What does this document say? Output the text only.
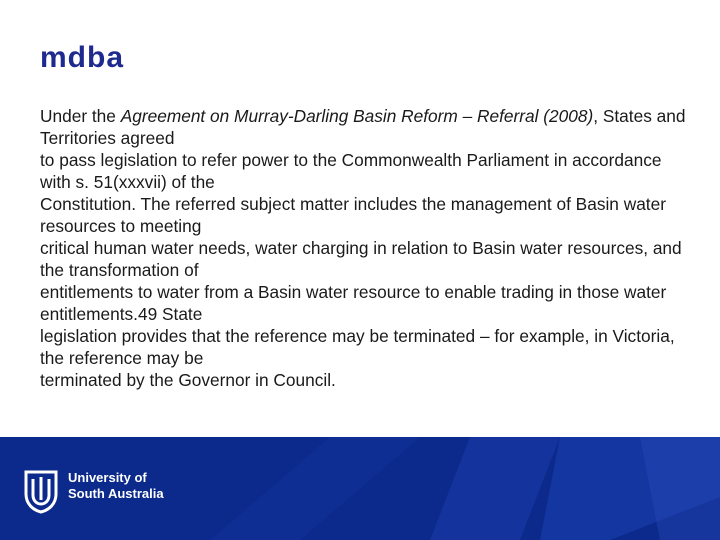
mdba

Under the Agreement on Murray-Darling Basin Reform – Referral (2008), States and Territories agreed

to pass legislation to refer power to the Commonwealth Parliament in accordance with s. 51(xxxvii) of the

Constitution. The referred subject matter includes the management of Basin water resources to meeting

critical human water needs, water charging in relation to Basin water resources, and the transformation of

entitlements to water from a Basin water resource to enable trading in those water entitlements.49 State

legislation provides that the reference may be terminated – for example, in Victoria, the reference may be

terminated by the Governor in Council.

University of
South Australia
